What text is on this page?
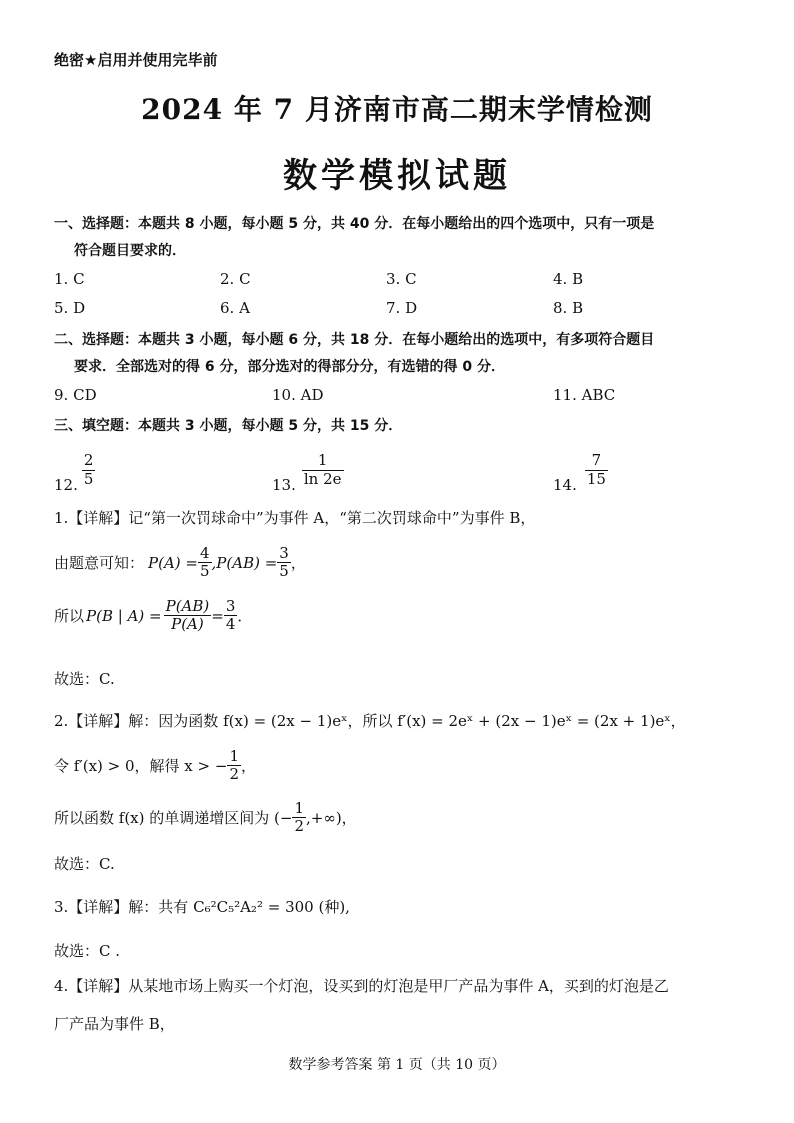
绝密★启用并使用完毕前
2024 年 7 月济南市高二期末学情检测
数学模拟试题
一、选择题：本题共 8 小题，每小题 5 分，共 40 分．在每小题给出的四个选项中，只有一项是
符合题目要求的．
1. C	2. C	3. C	4. B
5. D	6. A	7. D	8. B
二、选择题：本题共 3 小题，每小题 6 分，共 18 分．在每小题给出的选项中，有多项符合题目
要求．全部选对的得 6 分，部分选对的得部分分，有选错的得 0 分．
9. CD	10. AD	11. ABC
三、填空题：本题共 3 小题，每小题 5 分，共 15 分．
12. $\frac{2}{5}$	13. $\frac{1}{\ln 2e}$	14. $\frac{7}{15}$
1.【详解】记“第一次罚球命中”为事件 A，“第二次罚球命中”为事件 B，
由题意可知： $P(A) = \frac{4}{5} ,P(AB) = \frac{3}{5}$ ，
所以 P(B | $A) = \frac{P(AB)}{P(A)} = \frac{3}{4}$ ．
故选：C.
2.【详解】解：因为函数 f(x) = (2x − 1)eˣ，所以 f′(x) = 2eˣ + (2x − 1)eˣ = (2x + 1)eˣ，
令 f′(x) > 0，解得 x > − $\frac{1}{2}$ ，
所以函数 f(x) 的单调递增区间为 (− $\frac{1}{2}$ ,+∞)，
故选：C.
3.【详解】解：共有 C₆²C₅²A₂² = 300 (种),
故选：C .
4.【详解】从某地市场上购买一个灯泡，设买到的灯泡是甲厂产品为事件 A，买到的灯泡是乙
厂产品为事件 B，
数学参考答案 第 1 页（共 10 页）
